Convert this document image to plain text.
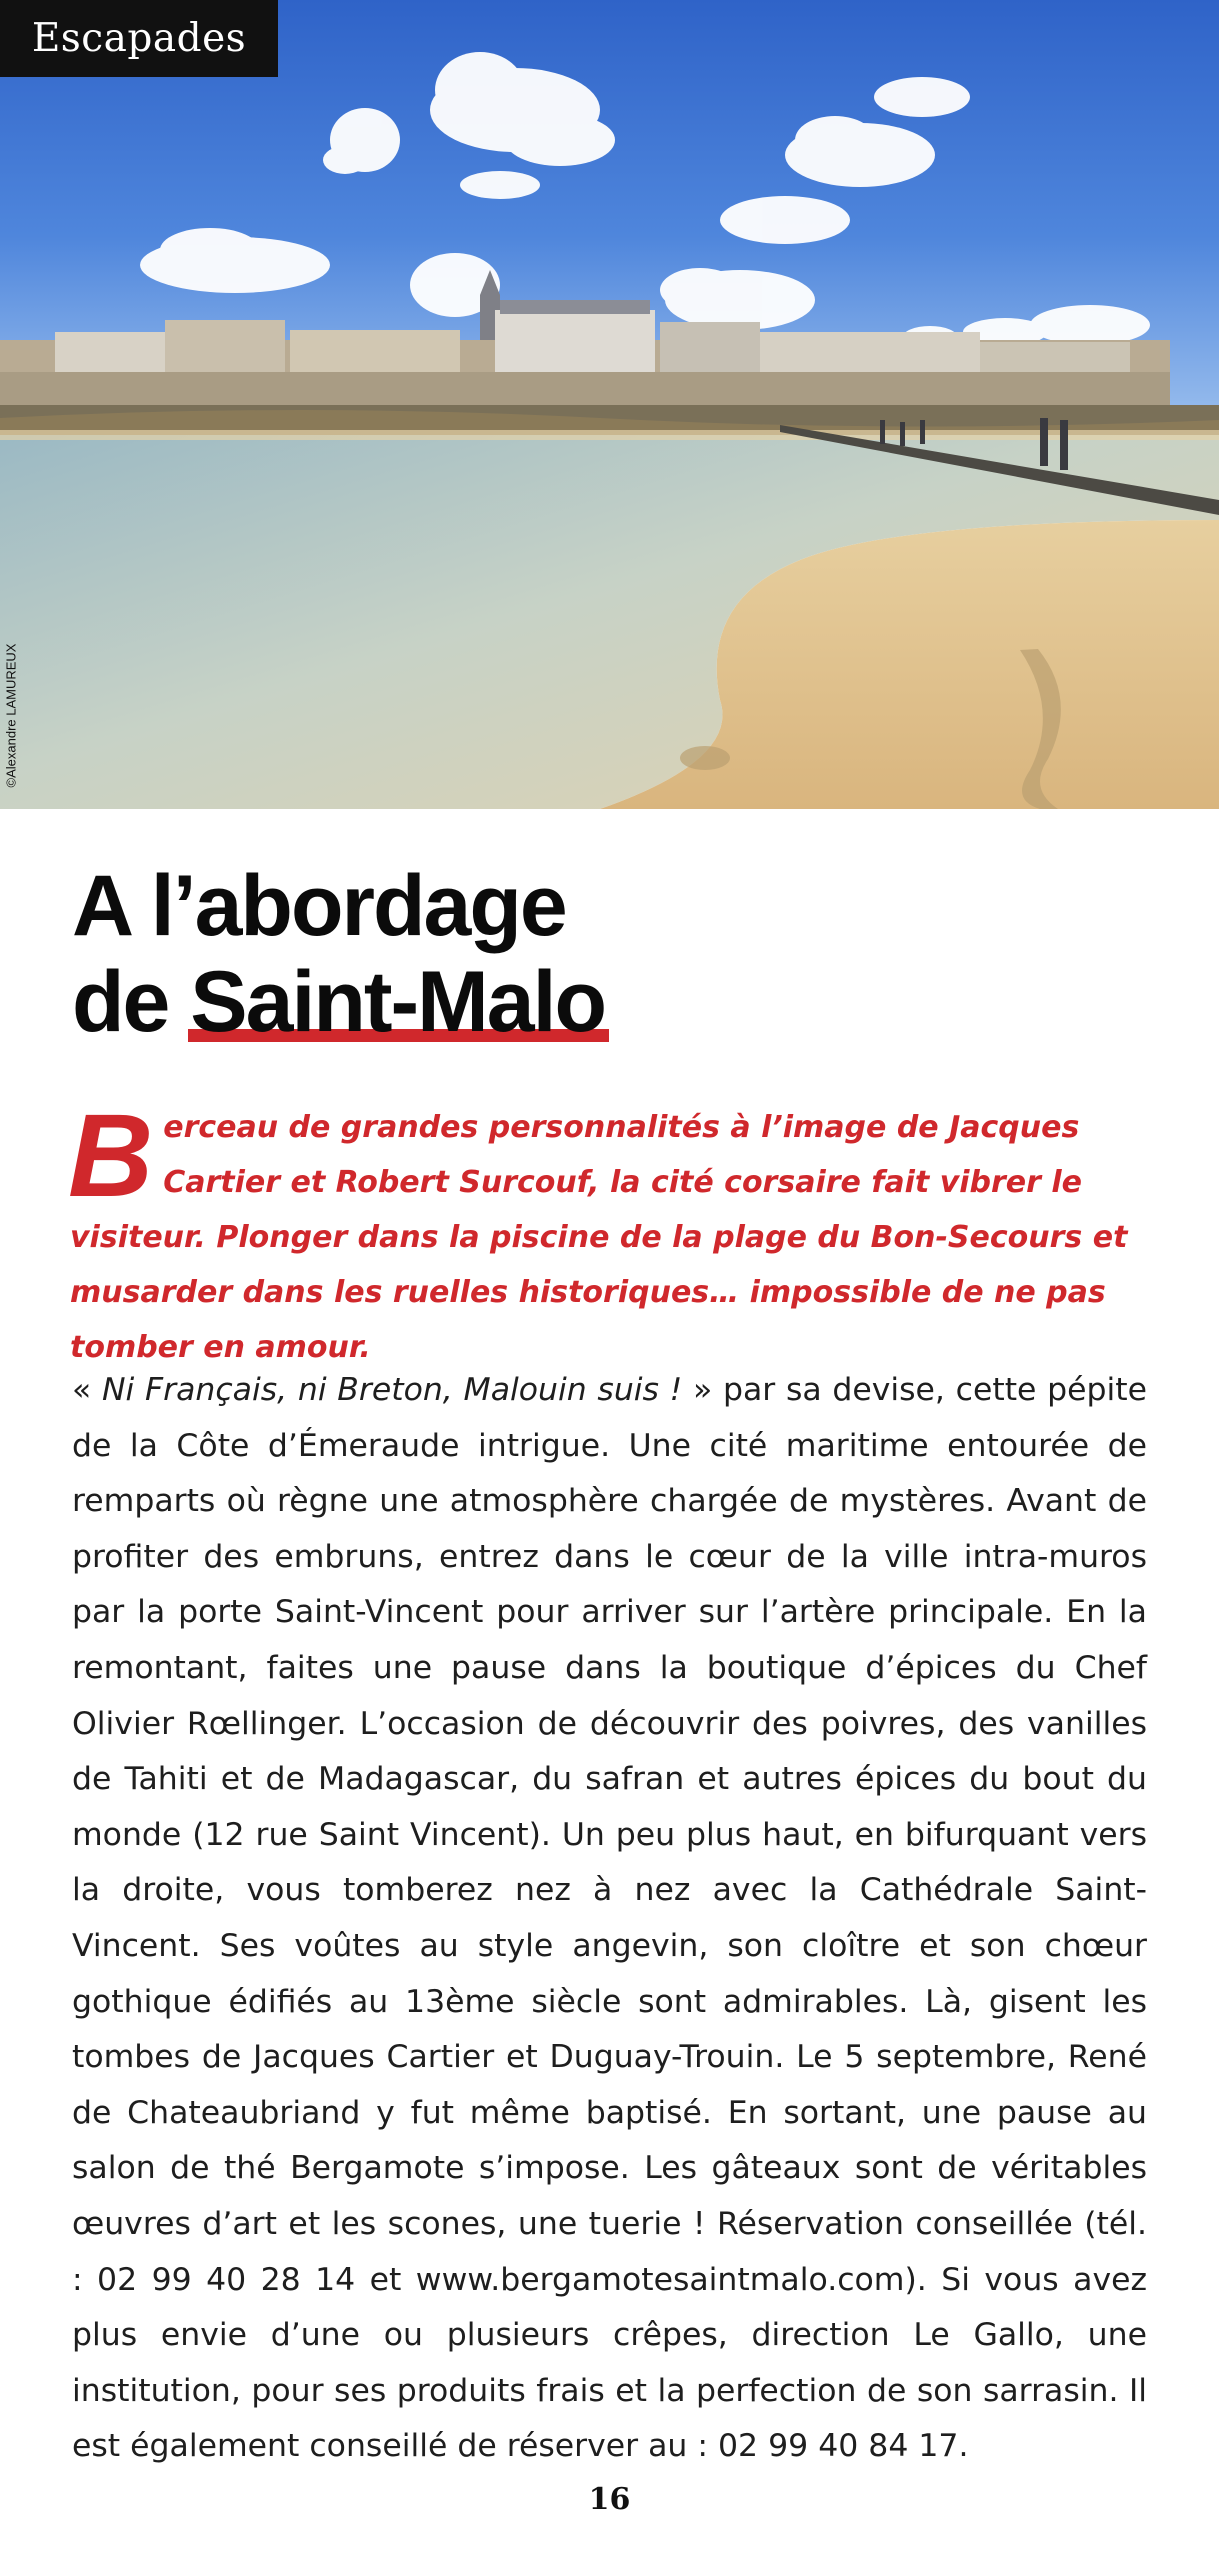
Escapades
©Alexandre LAMUREUX
A l’abordage
de Saint-Malo

Berceau de grandes personnalités à l’image de Jacques Cartier et Robert Surcouf, la cité corsaire fait vibrer le visiteur. Plonger dans la piscine de la plage du Bon-Secours et musarder dans les ruelles historiques… impossible de ne pas tomber en amour.

« Ni Français, ni Breton, Malouin suis ! » par sa devise, cette pépite de la Côte d’Émeraude intrigue. Une cité maritime entourée de remparts où règne une atmosphère chargée de mystères. Avant de profiter des embruns, entrez dans le cœur de la ville intra-muros par la porte Saint-Vincent pour arriver sur l’artère principale. En la remontant, faites une pause dans la boutique d’épices du Chef Olivier Rœllinger. L’occasion de découvrir des poivres, des vanilles de Tahiti et de Madagascar, du safran et autres épices du bout du monde (12 rue Saint Vincent). Un peu plus haut, en bifurquant vers la droite, vous tomberez nez à nez avec la Cathédrale Saint-Vincent. Ses voûtes au style angevin, son cloître et son chœur gothique édifiés au 13ème siècle sont admirables. Là, gisent les tombes de Jacques Cartier et Duguay-Trouin. Le 5 septembre, René de Chateaubriand y fut même baptisé. En sortant, une pause au salon de thé Bergamote s’impose. Les gâteaux sont de véritables œuvres d’art et les scones, une tuerie ! Réservation conseillée (tél. : 02 99 40 28 14 et www.bergamotesaintmalo.com). Si vous avez plus envie d’une ou plusieurs crêpes, direction Le Gallo, une institution, pour ses produits frais et la perfection de son sarrasin. Il est également conseillé de réserver au : 02 99 40 84 17.

16
